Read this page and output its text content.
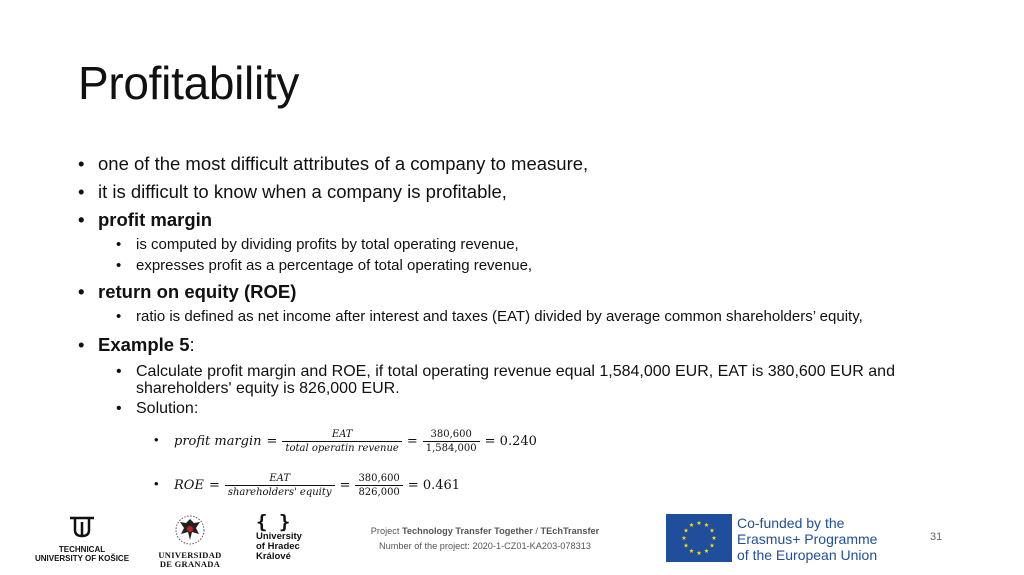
Profitability
• one of the most difficult attributes of a company to measure,
• it is difficult to know when a company is profitable,
• profit margin
• is computed by dividing profits by total operating revenue,
• expresses profit as a percentage of total operating revenue,
• return on equity (ROE)
• ratio is defined as net income after interest and taxes (EAT) divided by average common shareholders’ equity,
• Example 5:
• Calculate profit margin and ROE, if total operating revenue equal 1,584,000 EUR, EAT is 380,600 EUR and shareholders' equity is 826,000 EUR.
• Solution:
• profit margin = $\frac{\text{EAT}}{\text{total operatin revenue}} = \frac{380,600}{1,584,000} = 0.240$
• ROE = $\frac{\text{EAT}}{\text{shareholders' equity}} = \frac{380,600}{826,000} = 0.461$
TECHNICAL UNIVERSITY OF KOŠICE	UNIVERSIDAD
DE GRANADA
{ }
University
of Hradec
Králové
Project Technology Transfer Together / TEchTransfer
Number of the project: 2020-1-CZ01-KA203-078313
Co-funded by the
Erasmus+ Programme
of the European Union
31
